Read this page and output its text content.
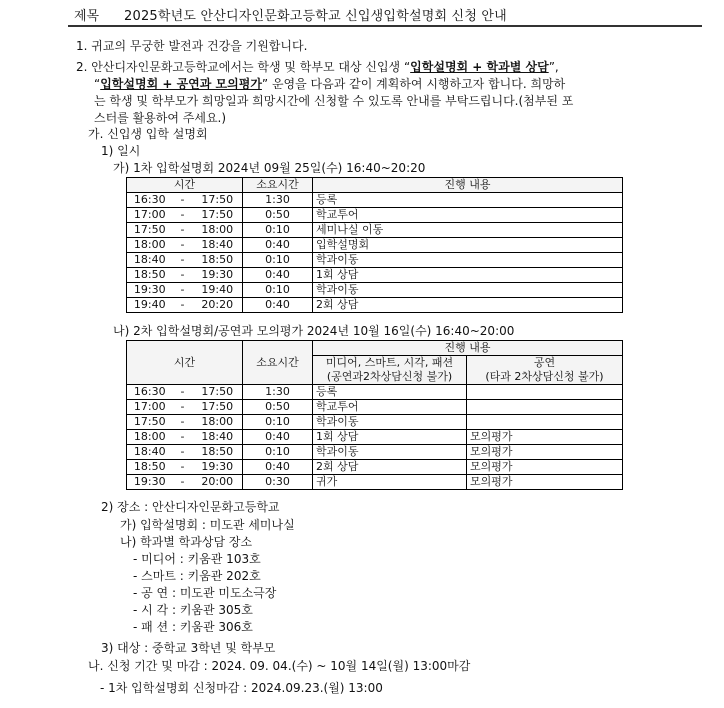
제목 2025학년도 안산디자인문화고등학교 신입생입학설명회 신청 안내
1. 귀교의 무궁한 발전과 건강을 기원합니다.
2. 안산디자인문화고등학교에서는 학생 및 학부모 대상 신입생 “입학설명회 + 학과별 상담”,
“입학설명회 + 공연과 모의평가” 운영을 다음과 같이 계획하여 시행하고자 합니다. 희망하
는 학생 및 학부모가 희망일과 희망시간에 신청할 수 있도록 안내를 부탁드립니다.(첨부된 포
스터를 활용하여 주세요.)
가. 신입생 입학 설명회
1) 일시
가) 1차 입학설명회 2024년 09월 25일(수) 16:40~20:20
시간			소요시간	진행 내용
16:30	-	17:50	1:30	등록
17:00	-	17:50	0:50	학교투어
17:50	-	18:00	0:10	세미나실 이동
18:00	-	18:40	0:40	입학설명회
18:40	-	18:50	0:10	학과이동
18:50	-	19:30	0:40	1회 상담
19:30	-	19:40	0:10	학과이동
19:40	-	20:20	0:40	2회 상담
나) 2차 입학설명회/공연과 모의평가 2024년 10월 16일(수) 16:40~20:00
시간			소요시간	진행 내용	
				미디어, 스마트, 시각, 패션	공연
				(공연과2차상담신청 불가)	(타과 2차상담신청 불가)
16:30	-	17:50	1:30	등록	
17:00	-	17:50	0:50	학교투어	
17:50	-	18:00	0:10	학과이동	
18:00	-	18:40	0:40	1회 상담	모의평가
18:40	-	18:50	0:10	학과이동	모의평가
18:50	-	19:30	0:40	2회 상담	모의평가
19:30	-	20:00	0:30	귀가	모의평가
2) 장소 : 안산디자인문화고등학교
가) 입학설명회 : 미도관 세미나실
나) 학과별 학과상담 장소
- 미디어 : 키움관 103호
- 스마트 : 키움관 202호
- 공 연 : 미도관 미도소극장
- 시 각 : 키움관 305호
- 패 션 : 키움관 306호
3) 대상 : 중학교 3학년 및 학부모
나. 신청 기간 및 마감 : 2024. 09. 04.(수) ~ 10월 14일(월) 13:00마감
- 1차 입학설명회 신청마감 : 2024.09.23.(월) 13:00
